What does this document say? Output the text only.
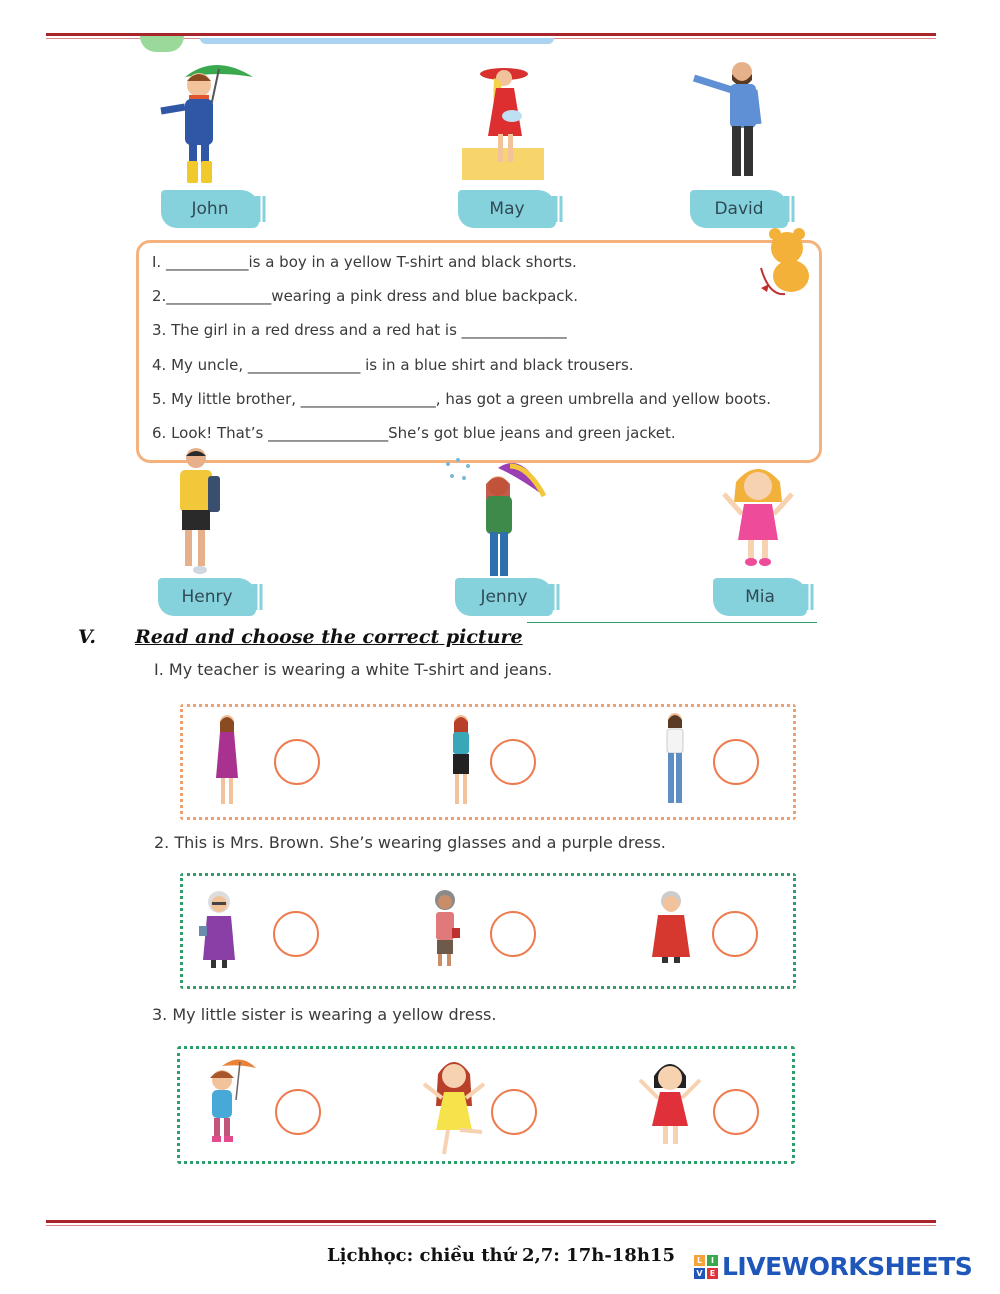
John	May	David
I. ___________is a boy in a yellow T-shirt and black shorts.
2.______________wearing a pink dress and blue backpack.
3. The girl in a red dress and a red hat is ______________
4. My uncle, _______________ is in a blue shirt and black trousers.
5. My little brother, __________________, has got a green umbrella and yellow boots.
6. Look! That’s ________________She’s got blue jeans and green jacket.
Henry	Jenny	Mia
V. Read and choose the correct picture
I. My teacher is wearing a white T-shirt and jeans.
2. This is Mrs. Brown. She’s wearing glasses and a purple dress.
3. My little sister is wearing a yellow dress.
Lịchhọc: chiều thứ 2,7: 17h-18h15	L	I
V E LIVEWORKSHEETS
